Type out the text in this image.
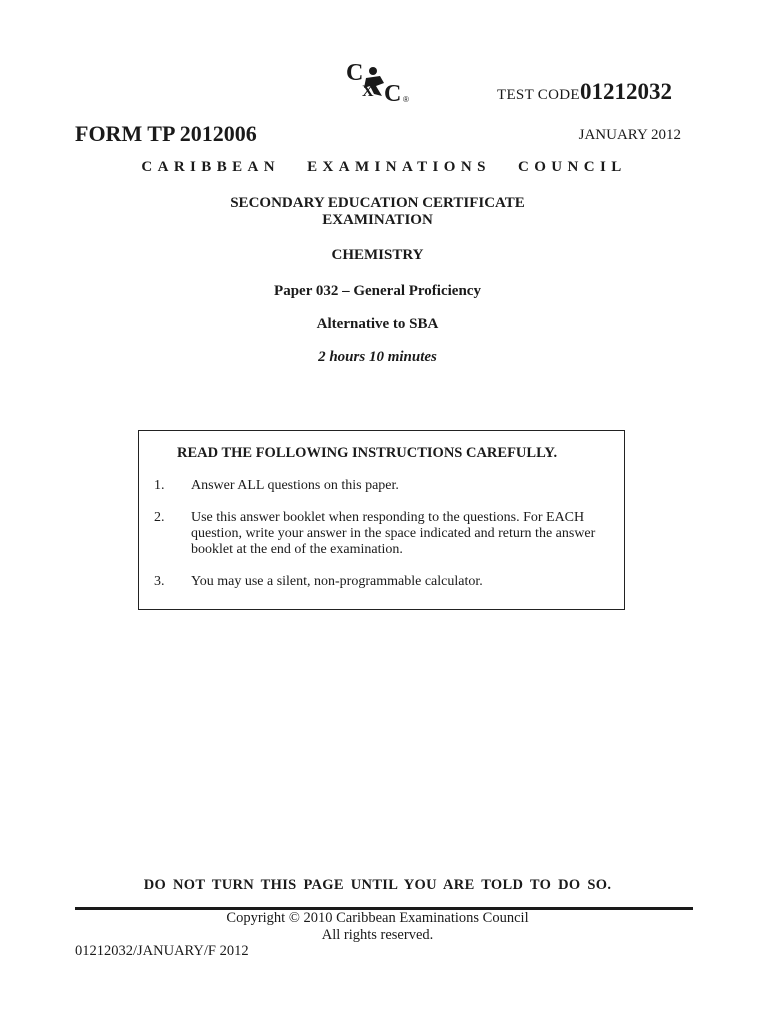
C
X C ®	TEST CODE 01212032
FORM TP 2012006	JANUARY 2012
CARIBBEAN EXAMINATIONS COUNCIL
SECONDARY EDUCATION CERTIFICATE
EXAMINATION
CHEMISTRY
Paper 032 – General Proficiency
Alternative to SBA
2 hours 10 minutes
READ THE FOLLOWING INSTRUCTIONS CAREFULLY.
1. Answer ALL questions on this paper.
2. Use this answer booklet when responding to the questions. For EACH question, write your answer in the space indicated and return the answer booklet at the end of the examination.
3. You may use a silent, non-programmable calculator.
DO NOT TURN THIS PAGE UNTIL YOU ARE TOLD TO DO SO.
Copyright © 2010 Caribbean Examinations Council
All rights reserved.
01212032/JANUARY/F 2012
